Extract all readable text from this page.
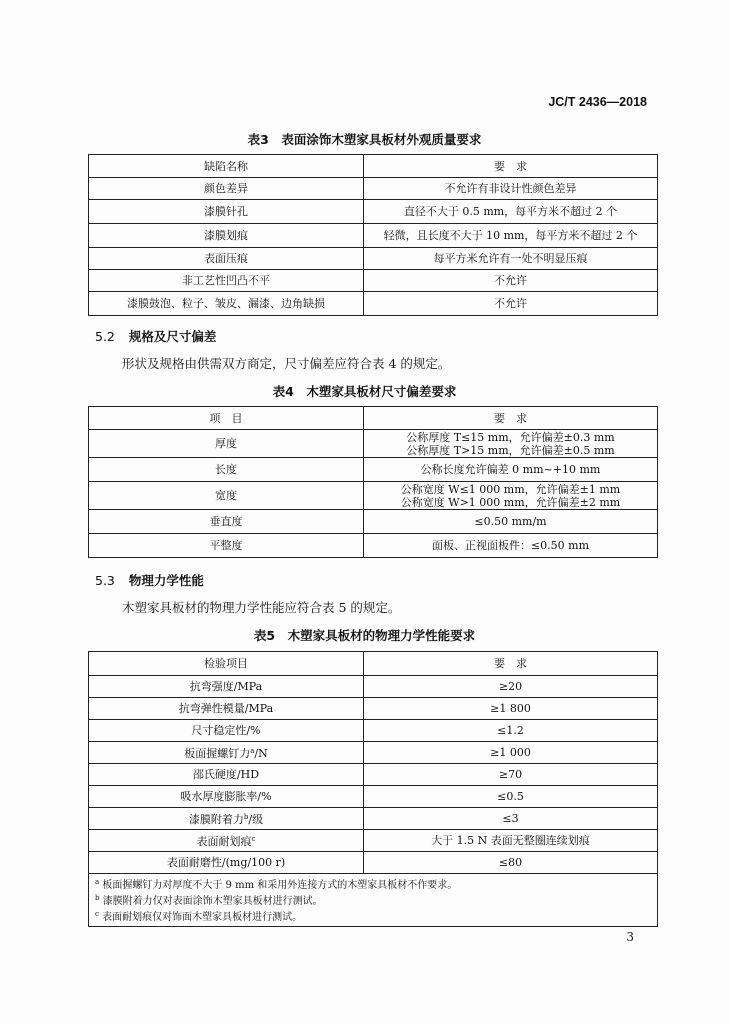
JC/T 2436—2018
表3　表面涂饰木塑家具板材外观质量要求
缺陷名称	要　求
颜色差异	不允许有非设计性颜色差异
漆膜针孔	直径不大于 0.5 mm，每平方米不超过 2 个
漆膜划痕	轻微，且长度不大于 10 mm，每平方米不超过 2 个
表面压痕	每平方米允许有一处不明显压痕
非工艺性凹凸不平	不允许
漆膜鼓泡、粒子、皱皮、漏漆、边角缺损	不允许
5.2 规格及尺寸偏差
形状及规格由供需双方商定，尺寸偏差应符合表 4 的规定。
表4　木塑家具板材尺寸偏差要求
项　目	要　求
厚度	公称厚度 T≤15 mm，允许偏差±0.3 mm
公称厚度 T>15 mm，允许偏差±0.5 mm

长度	公称长度允许偏差 0 mm~+10 mm
宽度	公称宽度 W≤1 000 mm，允许偏差±1 mm
公称宽度 W>1 000 mm，允许偏差±2 mm

垂直度	≤0.50 mm/m
平整度	面板、正视面板件：≤0.50 mm
5.3 物理力学性能
木塑家具板材的物理力学性能应符合表 5 的规定。
表5　木塑家具板材的物理力学性能要求
检验项目	要　求
抗弯强度/MPa	≥20
抗弯弹性模量/MPa	≥1 800
尺寸稳定性/%	≤1.2
板面握螺钉力$^a$/N	≥1 000
邵氏硬度/HD	≥70
吸水厚度膨胀率/%	≤0.5
漆膜附着力$^b$/级	≤3
表面耐划痕$^c$	大于 1.5 N 表面无整圈连续划痕
表面耐磨性/(mg/100 r)	≤80

$^a$ 板面握螺钉力对厚度不大于 9 mm 和采用外连接方式的木塑家具板材不作要求。
$^b$ 漆膜附着力仅对表面涂饰木塑家具板材进行测试。
$^c$ 表面耐划痕仅对饰面木塑家具板材进行测试。	
3
